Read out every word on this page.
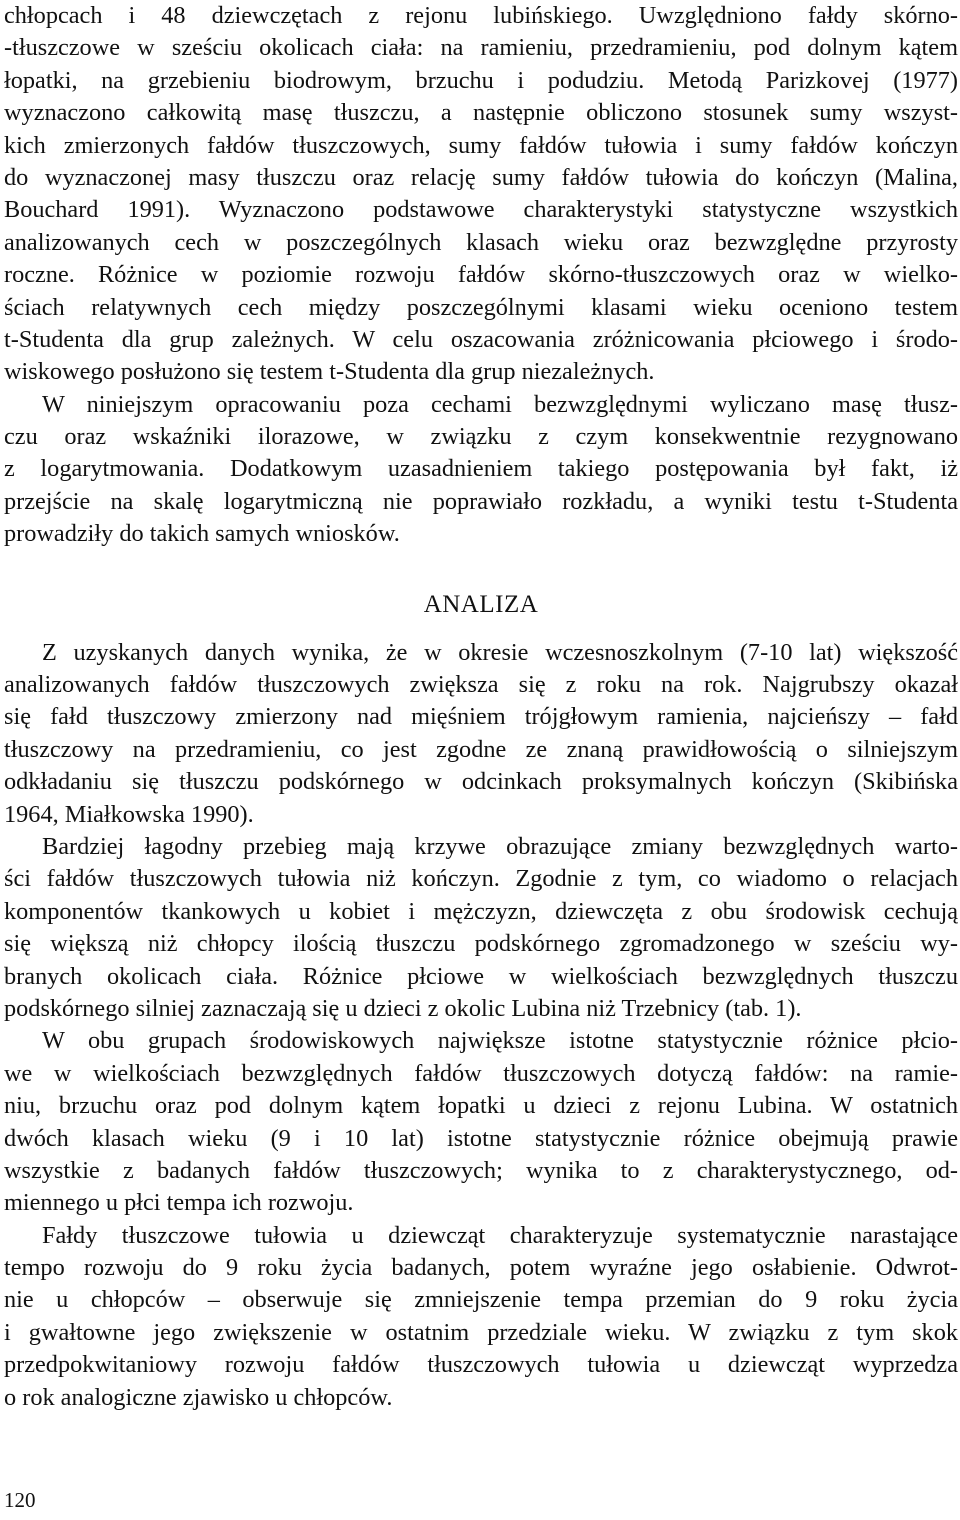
chłopcach i 48 dziewczętach z rejonu lubińskiego. Uwzględniono fałdy skórno-
-tłuszczowe w sześciu okolicach ciała: na ramieniu, przedramieniu, pod dolnym kątem
łopatki, na grzebieniu biodrowym, brzuchu i podudziu. Metodą Parizkovej (1977)
wyznaczono całkowitą masę tłuszczu, a następnie obliczono stosunek sumy wszyst-
kich zmierzonych fałdów tłuszczowych, sumy fałdów tułowia i sumy fałdów kończyn
do wyznaczonej masy tłuszczu oraz relację sumy fałdów tułowia do kończyn (Malina,
Bouchard 1991). Wyznaczono podstawowe charakterystyki statystyczne wszystkich
analizowanych cech w poszczególnych klasach wieku oraz bezwzględne przyrosty
roczne. Różnice w poziomie rozwoju fałdów skórno-tłuszczowych oraz w wielko-
ściach relatywnych cech między poszczególnymi klasami wieku oceniono testem
t-Studenta dla grup zależnych. W celu oszacowania zróżnicowania płciowego i środo-
wiskowego posłużono się testem t-Studenta dla grup niezależnych.
W niniejszym opracowaniu poza cechami bezwzględnymi wyliczano masę tłusz-
czu oraz wskaźniki ilorazowe, w związku z czym konsekwentnie rezygnowano
z logarytmowania. Dodatkowym uzasadnieniem takiego postępowania był fakt, iż
przejście na skalę logarytmiczną nie poprawiało rozkładu, a wyniki testu t-Studenta
prowadziły do takich samych wniosków.
ANALIZA
Z uzyskanych danych wynika, że w okresie wczesnoszkolnym (7-10 lat) większość
analizowanych fałdów tłuszczowych zwiększa się z roku na rok. Najgrubszy okazał
się fałd tłuszczowy zmierzony nad mięśniem trójgłowym ramienia, najcieńszy – fałd
tłuszczowy na przedramieniu, co jest zgodne ze znaną prawidłowością o silniejszym
odkładaniu się tłuszczu podskórnego w odcinkach proksymalnych kończyn (Skibińska
1964, Miałkowska 1990).
Bardziej łagodny przebieg mają krzywe obrazujące zmiany bezwzględnych warto-
ści fałdów tłuszczowych tułowia niż kończyn. Zgodnie z tym, co wiadomo o relacjach
komponentów tkankowych u kobiet i mężczyzn, dziewczęta z obu środowisk cechują
się większą niż chłopcy ilością tłuszczu podskórnego zgromadzonego w sześciu wy-
branych okolicach ciała. Różnice płciowe w wielkościach bezwzględnych tłuszczu
podskórnego silniej zaznaczają się u dzieci z okolic Lubina niż Trzebnicy (tab. 1).
W obu grupach środowiskowych największe istotne statystycznie różnice płcio-
we w wielkościach bezwzględnych fałdów tłuszczowych dotyczą fałdów: na ramie-
niu, brzuchu oraz pod dolnym kątem łopatki u dzieci z rejonu Lubina. W ostatnich
dwóch klasach wieku (9 i 10 lat) istotne statystycznie różnice obejmują prawie
wszystkie z badanych fałdów tłuszczowych; wynika to z charakterystycznego, od-
miennego u płci tempa ich rozwoju.
Fałdy tłuszczowe tułowia u dziewcząt charakteryzuje systematycznie narastające
tempo rozwoju do 9 roku życia badanych, potem wyraźne jego osłabienie. Odwrot-
nie u chłopców – obserwuje się zmniejszenie tempa przemian do 9 roku życia
i gwałtowne jego zwiększenie w ostatnim przedziale wieku. W związku z tym skok
przedpokwitaniowy rozwoju fałdów tłuszczowych tułowia u dziewcząt wyprzedza
o rok analogiczne zjawisko u chłopców.
120
